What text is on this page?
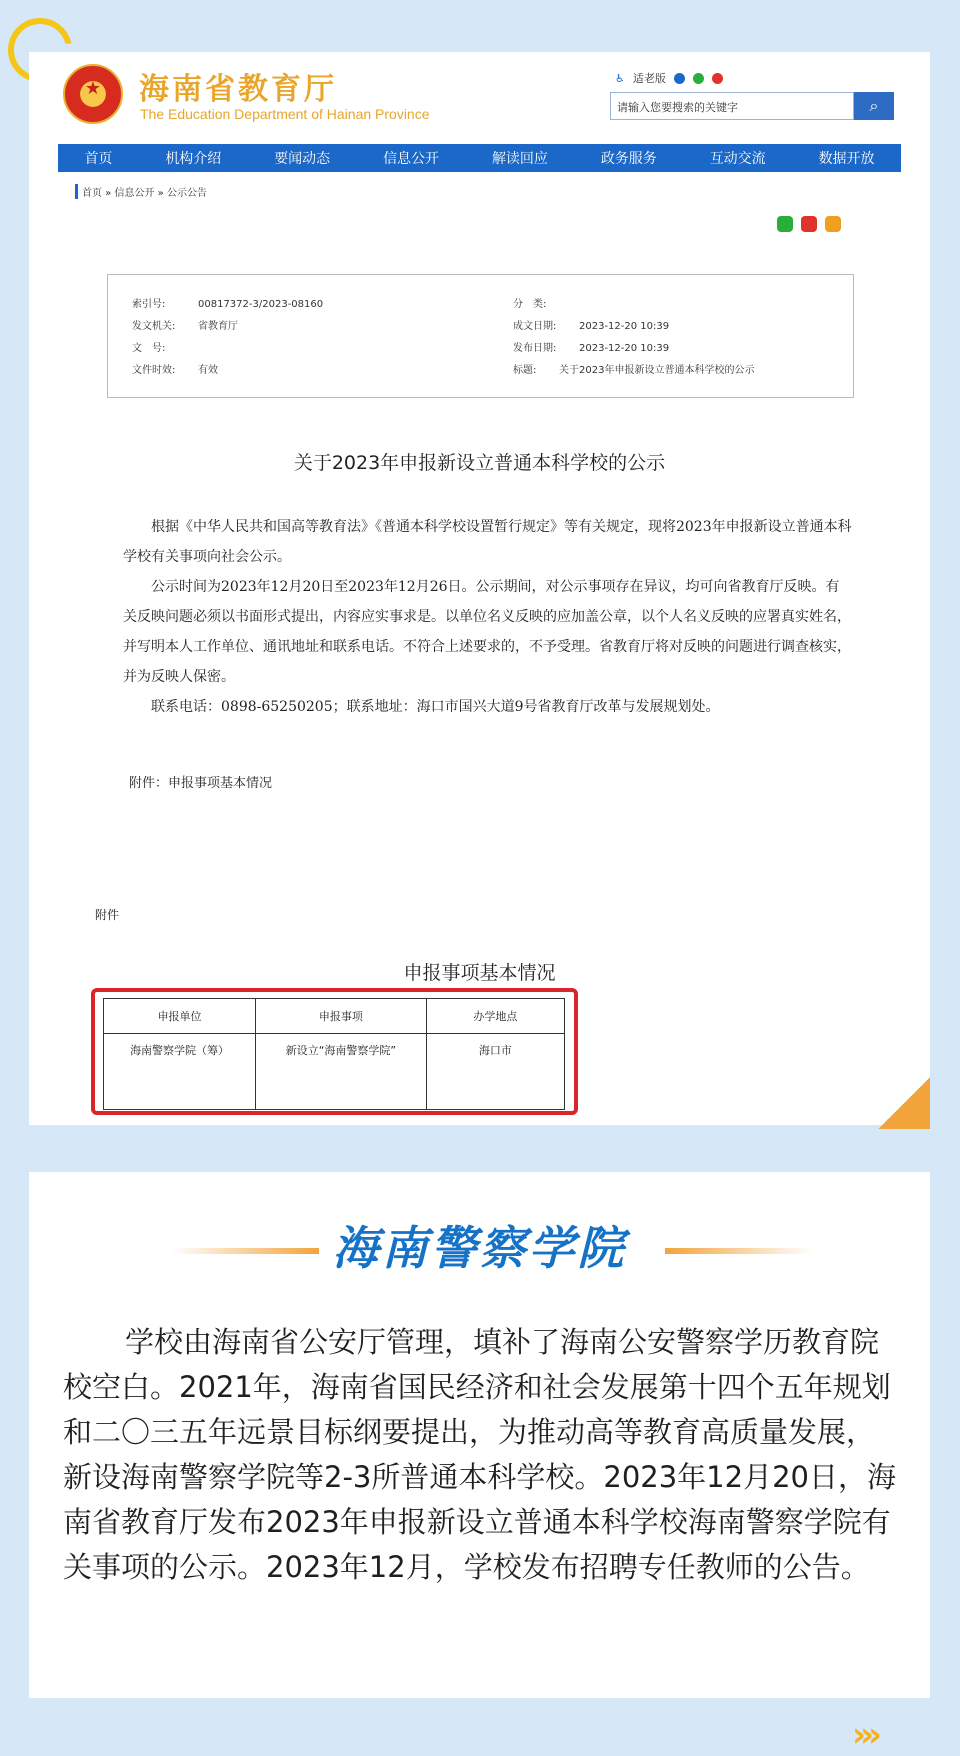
★
海南省教育厅
The Education Department of Hainan Province
♿ 适老版
请输入您要搜索的关键字	⌕
首页	机构介绍	要闻动态	信息公开	解读回应	政务服务	互动交流	数据开放
首页 » 信息公开 » 公示公告
索引号:	00817372-3/2023-08160	分　类:
发文机关: 省教育厅	成文日期: 2023-12-20 10:39
文　号:	发布日期: 2023-12-20 10:39
文件时效: 有效	标题: 关于2023年申报新设立普通本科学校的公示
关于2023年申报新设立普通本科学校的公示

根据《中华人民共和国高等教育法》《普通本科学校设置暂行规定》等有关规定，现将2023年申报新设立普通本科学校有关事项向社会公示。

公示时间为2023年12月20日至2023年12月26日。公示期间，对公示事项存在异议，均可向省教育厅反映。有关反映问题必须以书面形式提出，内容应实事求是。以单位名义反映的应加盖公章，以个人名义反映的应署真实姓名，并写明本人工作单位、通讯地址和联系电话。不符合上述要求的，不予受理。省教育厅将对反映的问题进行调查核实，并为反映人保密。

联系电话：0898-65250205；联系地址：海口市国兴大道9号省教育厅改革与发展规划处。

附件：申报事项基本情况
附件
申报事项基本情况
申报单位	申报事项	办学地点
海南警察学院（筹）	新设立“海南警察学院”	海口市
海南警察学院

学校由海南省公安厅管理，填补了海南公安警察学历教育院校空白。2021年，海南省国民经济和社会发展第十四个五年规划和二〇三五年远景目标纲要提出，为推动高等教育高质量发展，新设海南警察学院等2-3所普通本科学校。2023年12月20日，海南省教育厅发布2023年申报新设立普通本科学校海南警察学院有关事项的公示。2023年12月，学校发布招聘专任教师的公告。

›››
